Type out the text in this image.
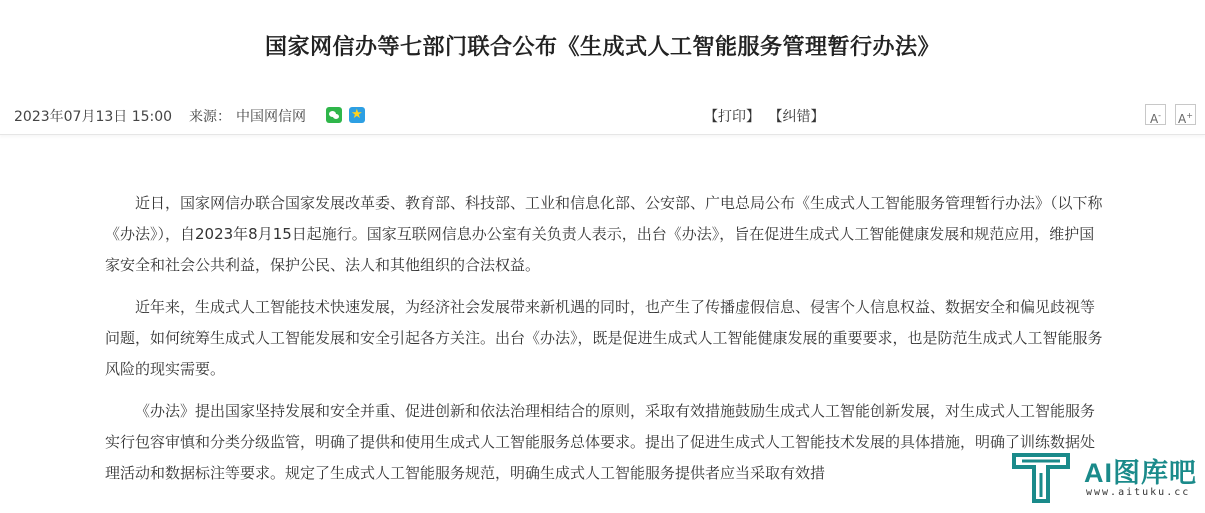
国家网信办等七部门联合公布《生成式人工智能服务管理暂行办法》
2023年07月13日 15:00 来源： 中国网信网	★	【打印】 【纠错】	A-	A+

近日，国家网信办联合国家发展改革委、教育部、科技部、工业和信息化部、公安部、广电总局公布《生成式人工智能服务管理暂行办法》（以下称《办法》），自2023年8月15日起施行。国家互联网信息办公室有关负责人表示，出台《办法》，旨在促进生成式人工智能健康发展和规范应用，维护国家安全和社会公共利益，保护公民、法人和其他组织的合法权益。

近年来，生成式人工智能技术快速发展，为经济社会发展带来新机遇的同时，也产生了传播虚假信息、侵害个人信息权益、数据安全和偏见歧视等问题，如何统筹生成式人工智能发展和安全引起各方关注。出台《办法》，既是促进生成式人工智能健康发展的重要要求，也是防范生成式人工智能服务风险的现实需要。

《办法》提出国家坚持发展和安全并重、促进创新和依法治理相结合的原则，采取有效措施鼓励生成式人工智能创新发展，对生成式人工智能服务实行包容审慎和分类分级监管，明确了提供和使用生成式人工智能服务总体要求。提出了促进生成式人工智能技术发展的具体措施，明确了训练数据处理活动和数据标注等要求。规定了生成式人工智能服务规范，明确生成式人工智能服务提供者应当采取有效措	AI图库吧
www.aituku.cc
